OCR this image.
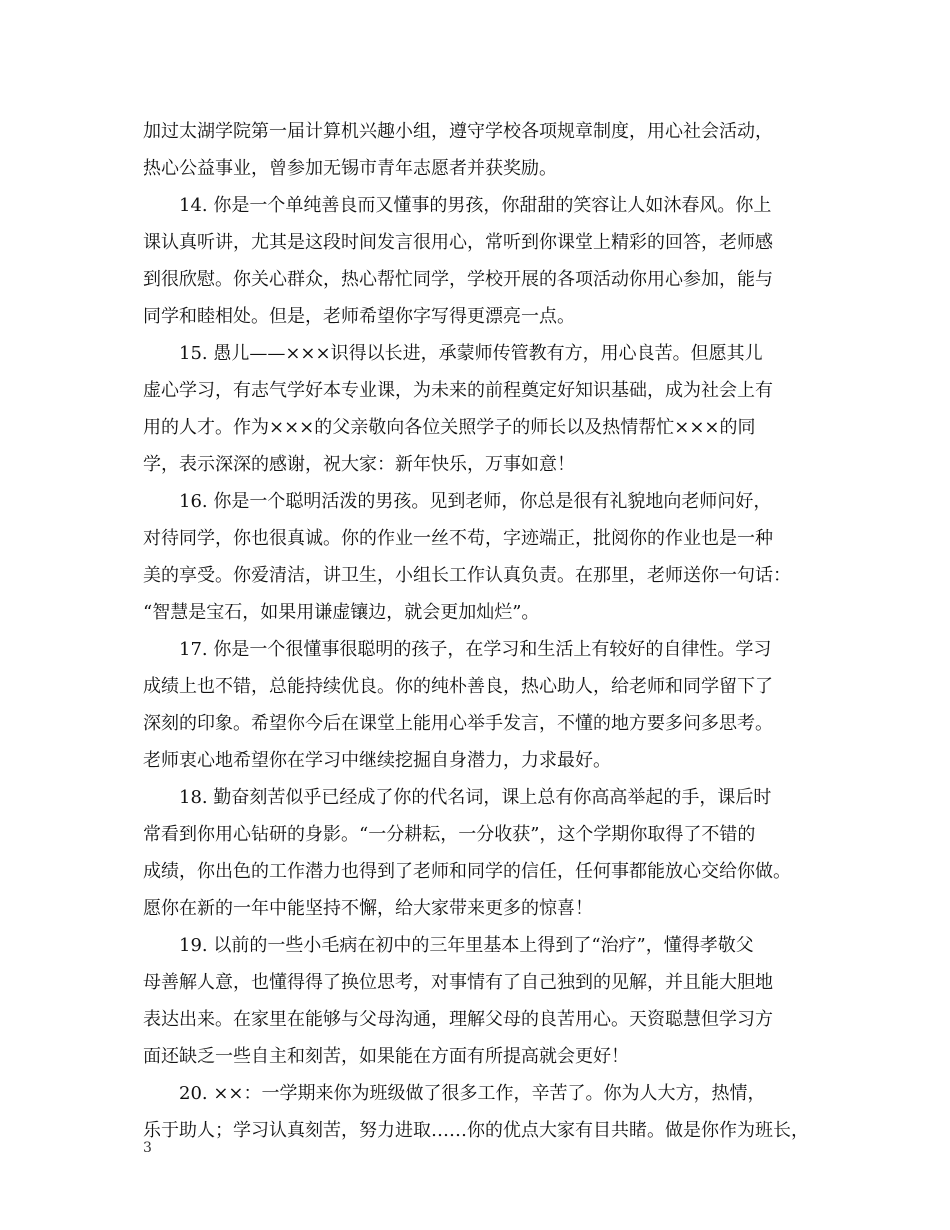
加过太湖学院第一届计算机兴趣小组，遵守学校各项规章制度，用心社会活动，
热心公益事业，曾参加无锡市青年志愿者并获奖励。
14. 你是一个单纯善良而又懂事的男孩，你甜甜的笑容让人如沐春风。你上
课认真听讲，尤其是这段时间发言很用心，常听到你课堂上精彩的回答，老师感
到很欣慰。你关心群众，热心帮忙同学，学校开展的各项活动你用心参加，能与
同学和睦相处。但是，老师希望你字写得更漂亮一点。
15. 愚儿——×××识得以长进，承蒙师传管教有方，用心良苦。但愿其儿
虚心学习，有志气学好本专业课，为未来的前程奠定好知识基础，成为社会上有
用的人才。作为×××的父亲敬向各位关照学子的师长以及热情帮忙×××的同
学，表示深深的感谢，祝大家：新年快乐，万事如意！
16. 你是一个聪明活泼的男孩。见到老师，你总是很有礼貌地向老师问好，
对待同学，你也很真诚。你的作业一丝不苟，字迹端正，批阅你的作业也是一种
美的享受。你爱清洁，讲卫生，小组长工作认真负责。在那里，老师送你一句话：
“智慧是宝石，如果用谦虚镶边，就会更加灿烂”。
17. 你是一个很懂事很聪明的孩子，在学习和生活上有较好的自律性。学习
成绩上也不错，总能持续优良。你的纯朴善良，热心助人，给老师和同学留下了
深刻的印象。希望你今后在课堂上能用心举手发言，不懂的地方要多问多思考。
老师衷心地希望你在学习中继续挖掘自身潜力，力求最好。
18. 勤奋刻苦似乎已经成了你的代名词，课上总有你高高举起的手，课后时
常看到你用心钻研的身影。“一分耕耘，一分收获”，这个学期你取得了不错的
成绩，你出色的工作潜力也得到了老师和同学的信任，任何事都能放心交给你做。
愿你在新的一年中能坚持不懈，给大家带来更多的惊喜！
19. 以前的一些小毛病在初中的三年里基本上得到了“治疗”，懂得孝敬父
母善解人意，也懂得得了换位思考，对事情有了自己独到的见解，并且能大胆地
表达出来。在家里在能够与父母沟通，理解父母的良苦用心。天资聪慧但学习方
面还缺乏一些自主和刻苦，如果能在方面有所提高就会更好！
20. ××：一学期来你为班级做了很多工作，辛苦了。你为人大方，热情，
乐于助人；学习认真刻苦，努力进取……你的优点大家有目共睹。做是你作为班长，
3
